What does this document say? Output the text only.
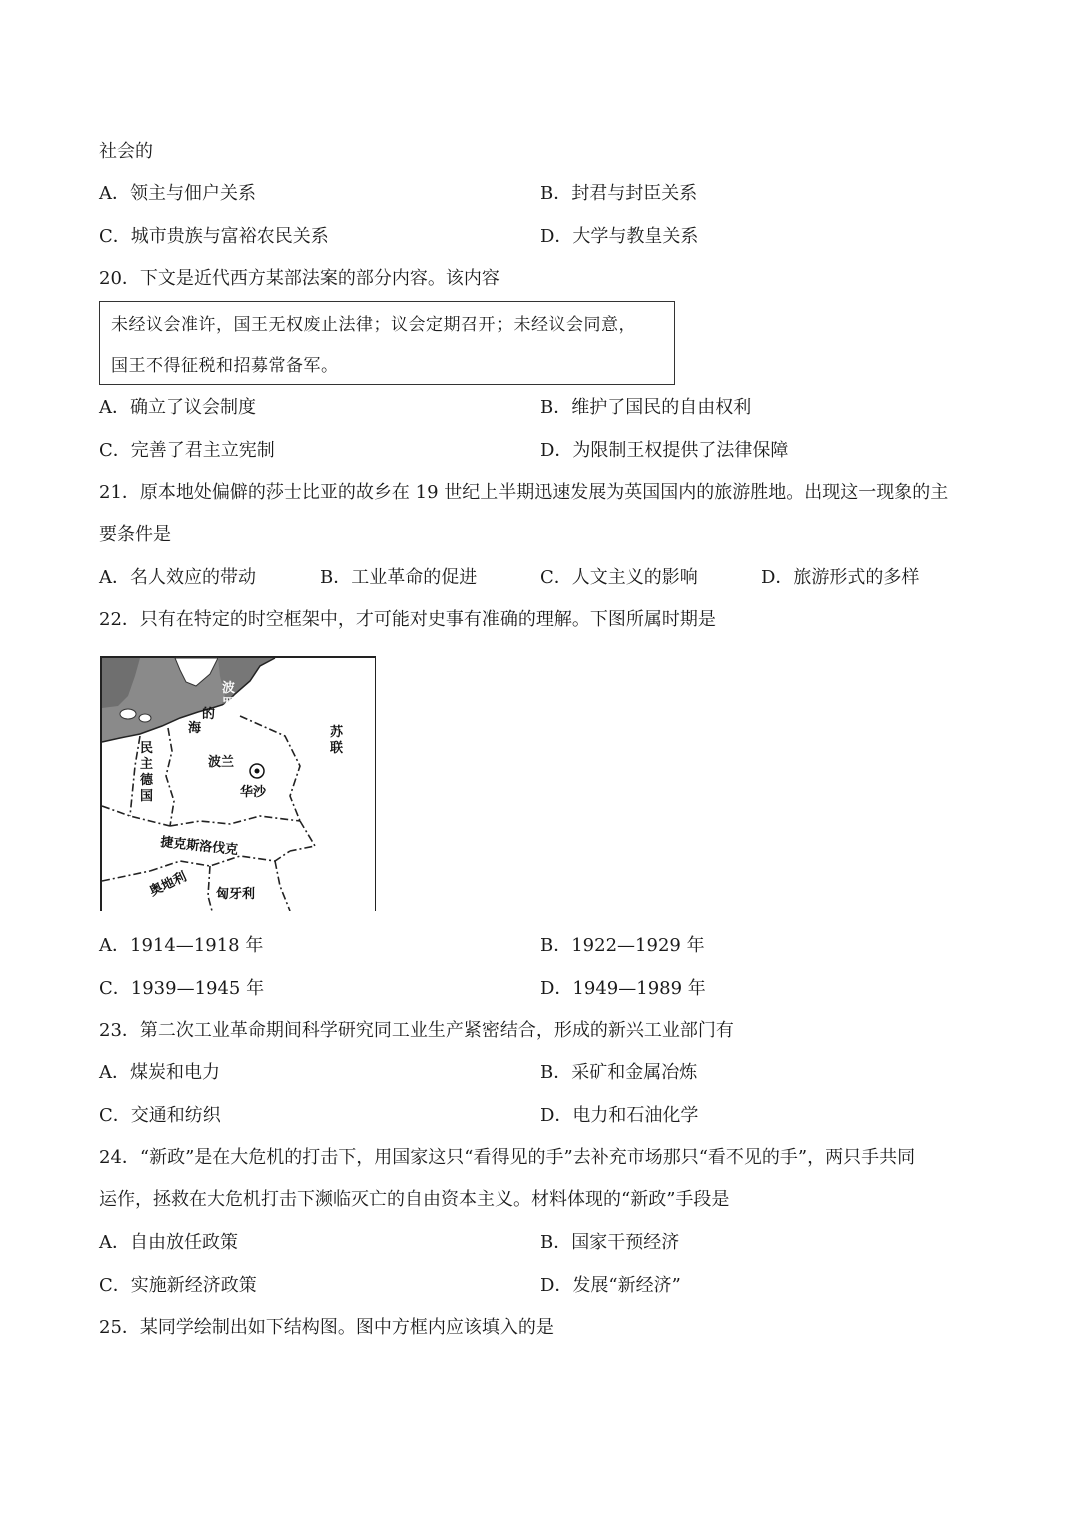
社会的
A．领主与佃户关系	B．封君与封臣关系
C．城市贵族与富裕农民关系	D．大学与教皇关系
20．下文是近代西方某部法案的部分内容。该内容
未经议会准许，国王无权废止法律；议会定期召开；未经议会同意，
国王不得征税和招募常备军。
A．确立了议会制度	B．维护了国民的自由权利
C．完善了君主立宪制	D．为限制王权提供了法律保障
21．原本地处偏僻的莎士比亚的故乡在 19 世纪上半期迅速发展为英国国内的旅游胜地。出现这一现象的主
要条件是
A．名人效应的带动	B．工业革命的促进	C．人文主义的影响	D．旅游形式的多样
22．只有在特定的时空框架中，才可能对史事有准确的理解。下图所属时期是
波
罗
的
海	苏
联
民
主
德
国
波兰
华沙
捷克斯洛伐克
奥地利 匈牙利
A．1914—1918 年	B．1922—1929 年
C．1939—1945 年	D．1949—1989 年
23．第二次工业革命期间科学研究同工业生产紧密结合，形成的新兴工业部门有
A．煤炭和电力	B．采矿和金属冶炼
C．交通和纺织	D．电力和石油化学
24．“新政”是在大危机的打击下，用国家这只“看得见的手”去补充市场那只“看不见的手”，两只手共同
运作，拯救在大危机打击下濒临灭亡的自由资本主义。材料体现的“新政”手段是
A．自由放任政策	B．国家干预经济
C．实施新经济政策	D．发展“新经济”
25．某同学绘制出如下结构图。图中方框内应该填入的是
